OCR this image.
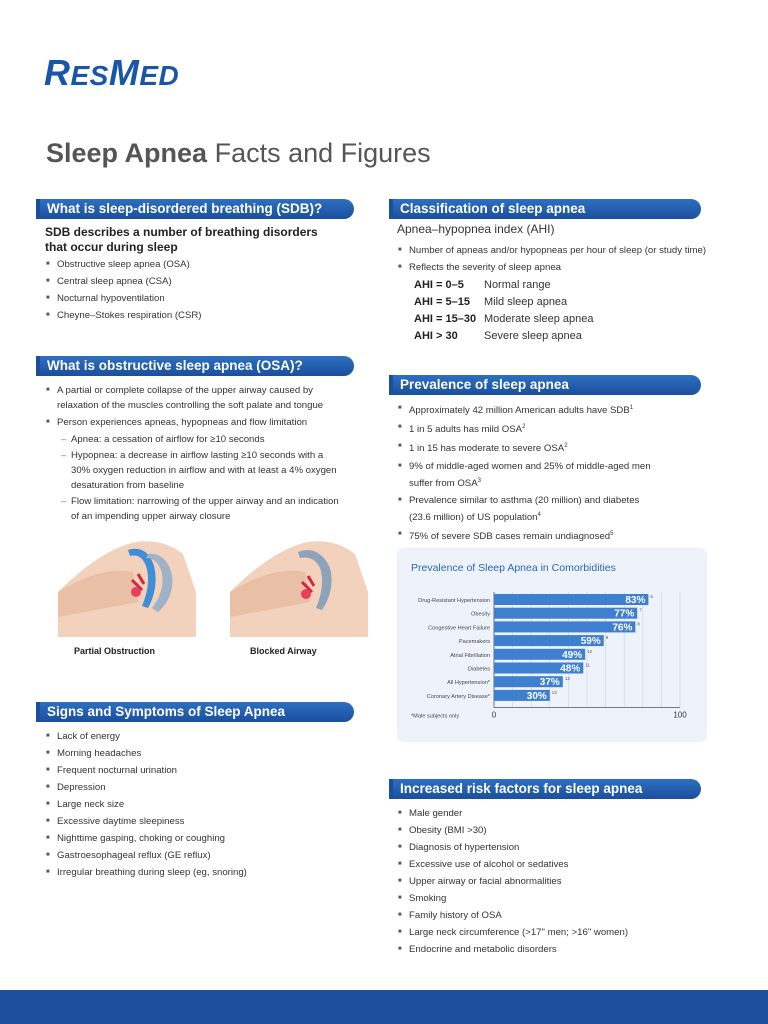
RESMED
Sleep Apnea Facts and Figures
What is sleep-disordered breathing (SDB)?
SDB describes a number of breathing disorders that occur during sleep
■ Obstructive sleep apnea (OSA)
■ Central sleep apnea (CSA)
■ Nocturnal hypoventilation
■ Cheyne–Stokes respiration (CSR)
What is obstructive sleep apnea (OSA)?
■ A partial or complete collapse of the upper airway caused by relaxation of the muscles controlling the soft palate and tongue
■ Person experiences apneas, hypopneas and flow limitation
– Apnea: a cessation of airflow for ≥10 seconds
– Hypopnea: a decrease in airflow lasting ≥10 seconds with a 30% oxygen reduction in airflow and with at least a 4% oxygen desaturation from baseline
– Flow limitation: narrowing of the upper airway and an indication of an impending upper airway closure
Partial Obstruction	Blocked Airway
Signs and Symptoms of Sleep Apnea
■ Lack of energy
■ Morning headaches
■ Frequent nocturnal urination
■ Depression
■ Large neck size
■ Excessive daytime sleepiness
■ Nighttime gasping, choking or coughing
■ Gastroesophageal reflux (GE reflux)
■ Irregular breathing during sleep (eg, snoring)
Classification of sleep apnea
Apnea–hypopnea index (AHI)
■ Number of apneas and/or hypopneas per hour of sleep (or study time)
■ Reflects the severity of sleep apnea
AHI = 0–5 Normal range
AHI = 5–15 Mild sleep apnea
AHI = 15–30 Moderate sleep apnea
AHI > 30 Severe sleep apnea
Prevalence of sleep apnea
■ Approximately 42 million American adults have SDB$^1$
■ 1 in 5 adults has mild OSA$^2$
■ 1 in 15 has moderate to severe OSA$^2$
■ 9% of middle-aged women and 25% of middle-aged men suffer from OSA$^3$
■ Prevalence similar to asthma (20 million) and diabetes (23.6 million) of US population$^4$
■ 75% of severe SDB cases remain undiagnosed$^5$
Prevalence of Sleep Apnea in Comorbidities
Drug-Resistant Hypertension	83% 6
Obesity	77% 7
Congestive Heart Failure	76% 8
Pacemakers	59% 9
Atrial Fibrillation	49% 10
Diabetes	48% 11
All Hypertension*	37% 12
Coronary Artery Disease*	30% 13
0	100
*Male subjects only
Increased risk factors for sleep apnea
■ Male gender
■ Obesity (BMI >30)
■ Diagnosis of hypertension
■ Excessive use of alcohol or sedatives
■ Upper airway or facial abnormalities
■ Smoking
■ Family history of OSA
■ Large neck circumference (>17" men; >16" women)
■ Endocrine and metabolic disorders
